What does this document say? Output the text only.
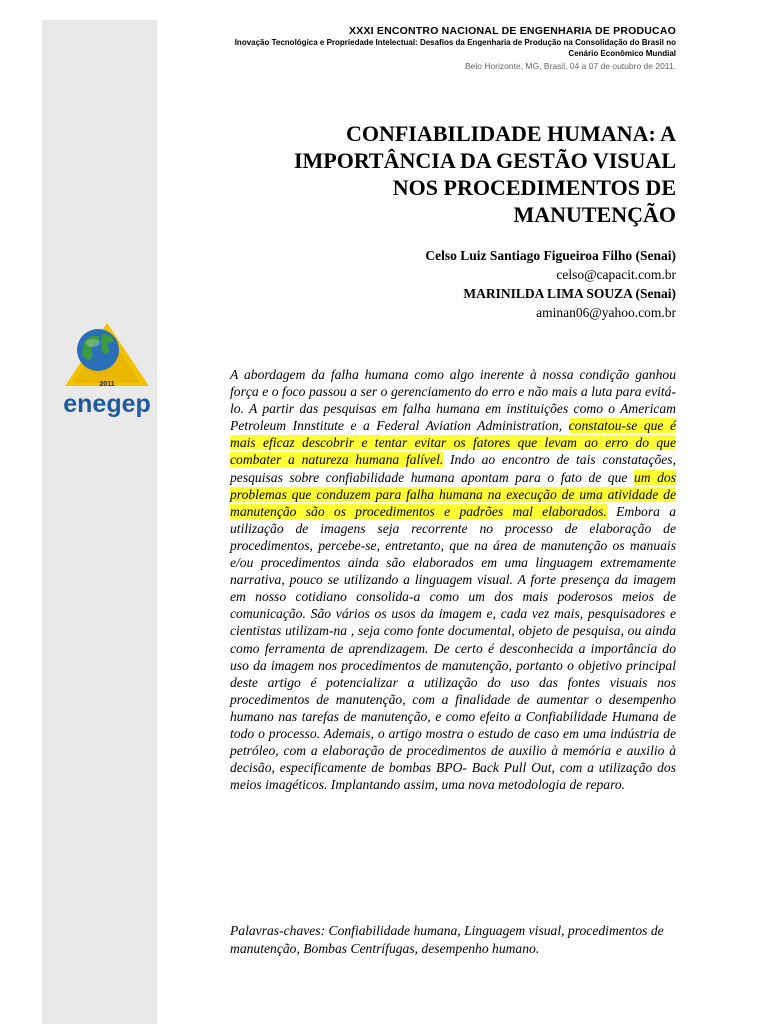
XXXI ENCONTRO NACIONAL DE ENGENHARIA DE PRODUCAO
Inovação Tecnológica e Propriedade Intelectual: Desafios da Engenharia de Produção na Consolidação do Brasil no
Cenário Econômico Mundial
Belo Horizonte, MG, Brasil, 04 a 07 de outubro de 2011.
CONFIABILIDADE HUMANA: A
IMPORTÂNCIA DA GESTÃO VISUAL
NOS PROCEDIMENTOS DE
MANUTENÇÃO
Celso Luiz Santiago Figueiroa Filho (Senai)
celso@capacit.com.br
MARINILDA LIMA SOUZA (Senai)
aminan06@yahoo.com.br
2011
enegep

A abordagem da falha humana como algo inerente à nossa condição ganhou força e o foco passou a ser o gerenciamento do erro e não mais a luta para evitá-lo. A partir das pesquisas em falha humana em instituições como o Americam Petroleum Innstitute e a Federal Aviation Administration, constatou-se que é mais eficaz descobrir e tentar evitar os fatores que levam ao erro do que combater a natureza humana falível. Indo ao encontro de tais constatações, pesquisas sobre confiabilidade humana apontam para o fato de que um dos problemas que conduzem para falha humana na execução de uma atividade de manutenção são os procedimentos e padrões mal elaborados. Embora a utilização de imagens seja recorrente no processo de elaboração de procedimentos, percebe-se, entretanto, que na área de manutenção os manuais e/ou procedimentos ainda são elaborados em uma linguagem extremamente narrativa, pouco se utilizando a linguagem visual. A forte presença da imagem em nosso cotidiano consolida-a como um dos mais poderosos meios de comunicação. São vários os usos da imagem e, cada vez mais, pesquisadores e cientistas utilizam-na , seja como fonte documental, objeto de pesquisa, ou ainda como ferramenta de aprendizagem. De certo é desconhecida a importância do uso da imagem nos procedimentos de manutenção, portanto o objetivo principal deste artigo é potencializar a utilização do uso das fontes visuais nos procedimentos de manutenção, com a finalidade de aumentar o desempenho humano nas tarefas de manutenção, e como efeito a Confiabilidade Humana de todo o processo. Ademais, o artigo mostra o estudo de caso em uma indústria de petróleo, com a elaboração de procedimentos de auxilio à memória e auxilio à decisão, especificamente de bombas BPO- Back Pull Out, com a utilização dos meios imagéticos. Implantando assim, uma nova metodologia de reparo.

Palavras-chaves: Confiabilidade humana, Linguagem visual, procedimentos de manutenção, Bombas Centrífugas, desempenho humano.
